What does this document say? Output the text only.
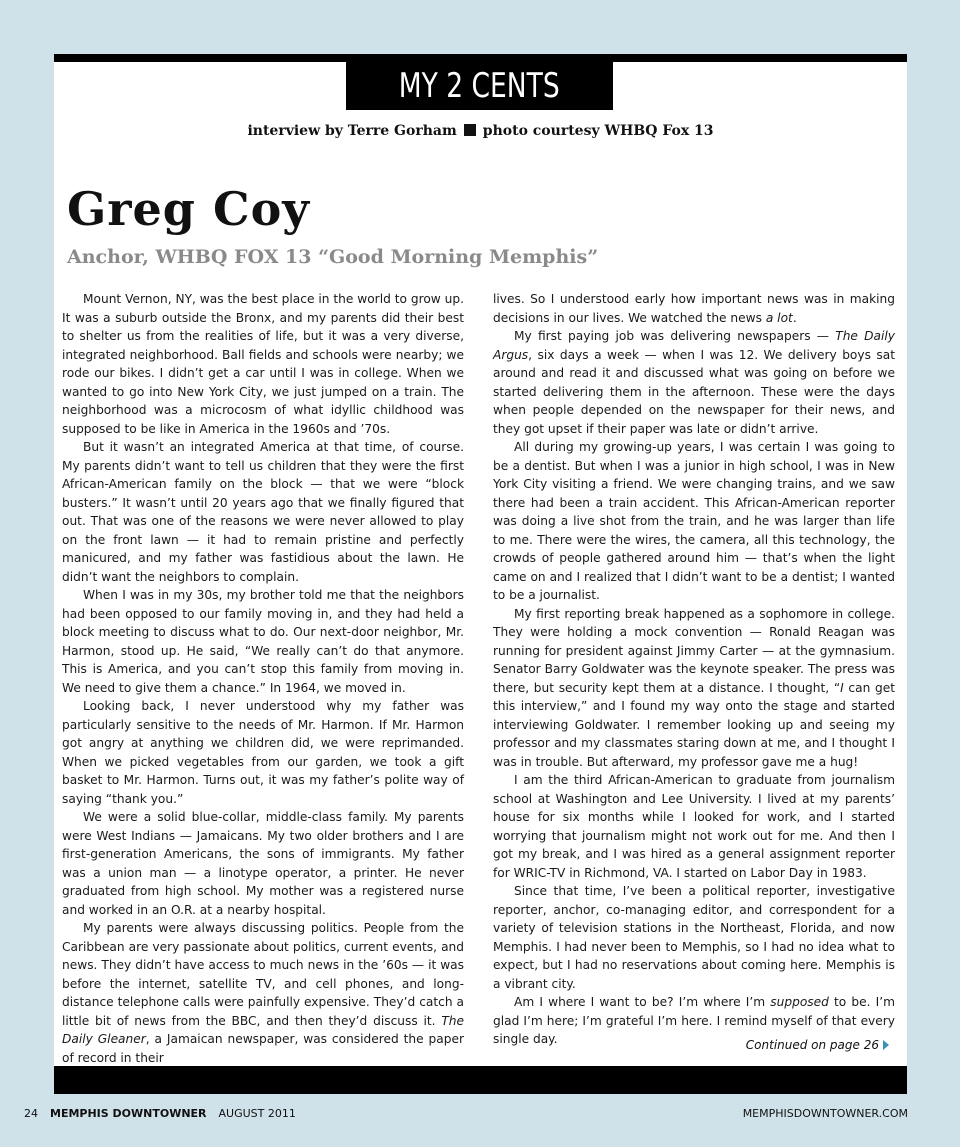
MY 2 CENTS
interview by Terre Gorham photo courtesy WHBQ Fox 13
Greg Coy
Anchor, WHBQ FOX 13 “Good Morning Memphis”

Mount Vernon, NY, was the best place in the world to grow up. It was a suburb outside the Bronx, and my parents did their best to shelter us from the realities of life, but it was a very diverse, integrated neighborhood. Ball fields and schools were nearby; we rode our bikes. I didn’t get a car until I was in college. When we wanted to go into New York City, we just jumped on a train. The neighborhood was a microcosm of what idyllic childhood was supposed to be like in America in the 1960s and ’70s.

But it wasn’t an integrated America at that time, of course. My parents didn’t want to tell us children that they were the first African-American family on the block — that we were “block busters.” It wasn’t until 20 years ago that we finally figured that out. That was one of the reasons we were never allowed to play on the front lawn — it had to remain pristine and perfectly manicured, and my father was fastidious about the lawn. He didn’t want the neighbors to complain.

When I was in my 30s, my brother told me that the neighbors had been opposed to our family moving in, and they had held a block meeting to discuss what to do. Our next-door neighbor, Mr. Harmon, stood up. He said, “We really can’t do that anymore. This is America, and you can’t stop this family from moving in. We need to give them a chance.” In 1964, we moved in.

Looking back, I never understood why my father was particularly sensitive to the needs of Mr. Harmon. If Mr. Harmon got angry at anything we children did, we were reprimanded. When we picked vegetables from our garden, we took a gift basket to Mr. Harmon. Turns out, it was my father’s polite way of saying “thank you.”

We were a solid blue-collar, middle-class family. My parents were West Indians — Jamaicans. My two older brothers and I are first-generation Americans, the sons of immigrants. My father was a union man — a linotype operator, a printer. He never graduated from high school. My mother was a registered nurse and worked in an O.R. at a nearby hospital.

My parents were always discussing politics. People from the Caribbean are very passionate about politics, current events, and news. They didn’t have access to much news in the ’60s — it was before the internet, satellite TV, and cell phones, and long-distance telephone calls were painfully expensive. They’d catch a little bit of news from the BBC, and then they’d discuss it. The Daily Gleaner, a Jamaican newspaper, was considered the paper of record in their

lives. So I understood early how important news was in making decisions in our lives. We watched the news a lot.

My first paying job was delivering newspapers — The Daily Argus, six days a week — when I was 12. We delivery boys sat around and read it and discussed what was going on before we started delivering them in the afternoon. These were the days when people depended on the newspaper for their news, and they got upset if their paper was late or didn’t arrive.

All during my growing-up years, I was certain I was going to be a dentist. But when I was a junior in high school, I was in New York City visiting a friend. We were changing trains, and we saw there had been a train accident. This African-American reporter was doing a live shot from the train, and he was larger than life to me. There were the wires, the camera, all this technology, the crowds of people gathered around him — that’s when the light came on and I realized that I didn’t want to be a dentist; I wanted to be a journalist.

My first reporting break happened as a sophomore in college. They were holding a mock convention — Ronald Reagan was running for president against Jimmy Carter — at the gymnasium. Senator Barry Goldwater was the keynote speaker. The press was there, but security kept them at a distance. I thought, “I can get this interview,” and I found my way onto the stage and started interviewing Goldwater. I remember looking up and seeing my professor and my classmates staring down at me, and I thought I was in trouble. But afterward, my professor gave me a hug!

I am the third African-American to graduate from journalism school at Washington and Lee University. I lived at my parents’ house for six months while I looked for work, and I started worrying that journalism might not work out for me. And then I got my break, and I was hired as a general assignment reporter for WRIC-TV in Richmond, VA. I started on Labor Day in 1983.

Since that time, I’ve been a political reporter, investigative reporter, anchor, co-managing editor, and correspondent for a variety of television stations in the Northeast, Florida, and now Memphis. I had never been to Memphis, so I had no idea what to expect, but I had no reservations about coming here. Memphis is a vibrant city.

Am I where I want to be? I’m where I’m supposed to be. I’m glad I’m here; I’m grateful I’m here. I remind myself of that every single day.	Continued on page 26
24 MEMPHIS DOWNTOWNER AUGUST 2011	MEMPHISDOWNTOWNER.COM
